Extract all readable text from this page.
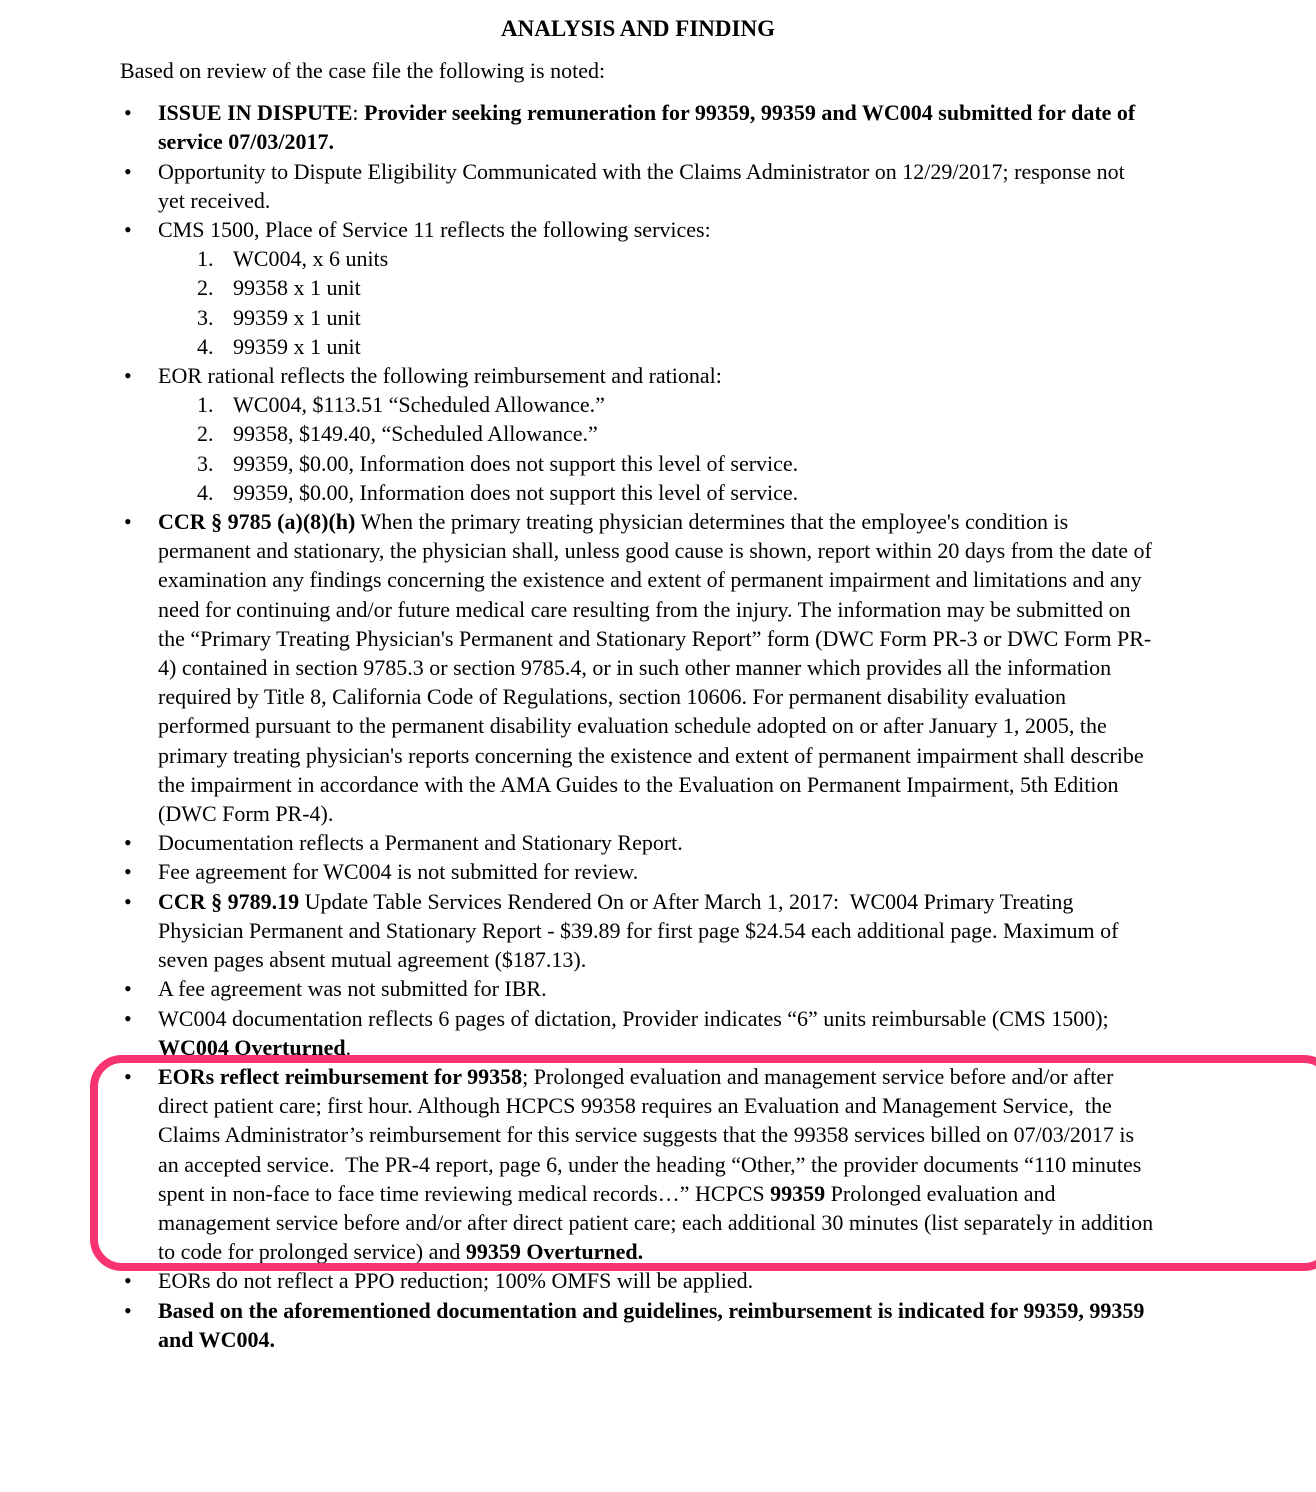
ANALYSIS AND FINDING

Based on review of the case file the following is noted:

•	ISSUE IN DISPUTE: Provider seeking remuneration for 99359, 99359 and WC004 submitted for date of service 07/03/2017.
•	Opportunity to Dispute Eligibility Communicated with the Claims Administrator on 12/29/2017; response not yet received.
•	CMS 1500, Place of Service 11 reflects the following services:
1. WC004, x 6 units
2. 99358 x 1 unit
3. 99359 x 1 unit
4. 99359 x 1 unit
•	EOR rational reflects the following reimbursement and rational:
1. WC004, $113.51 “Scheduled Allowance.”
2. 99358, $149.40, “Scheduled Allowance.”
3. 99359, $0.00, Information does not support this level of service.
4. 99359, $0.00, Information does not support this level of service.
•	CCR § 9785 (a)(8)(h) When the primary treating physician determines that the employee's condition is permanent and stationary, the physician shall, unless good cause is shown, report within 20 days from the date of examination any findings concerning the existence and extent of permanent impairment and limitations and any need for continuing and/or future medical care resulting from the injury. The information may be submitted on the “Primary Treating Physician's Permanent and Stationary Report” form (DWC Form PR-3 or DWC Form PR-4) contained in section 9785.3 or section 9785.4, or in such other manner which provides all the information required by Title 8, California Code of Regulations, section 10606. For permanent disability evaluation performed pursuant to the permanent disability evaluation schedule adopted on or after January 1, 2005, the primary treating physician's reports concerning the existence and extent of permanent impairment shall describe the impairment in accordance with the AMA Guides to the Evaluation on Permanent Impairment, 5th Edition (DWC Form PR-4).
•	Documentation reflects a Permanent and Stationary Report.
•	Fee agreement for WC004 is not submitted for review.
•	CCR § 9789.19 Update Table Services Rendered On or After March 1, 2017:  WC004 Primary Treating Physician Permanent and Stationary Report - $39.89 for first page $24.54 each additional page. Maximum of seven pages absent mutual agreement ($187.13).
•	A fee agreement was not submitted for IBR.
•	WC004 documentation reflects 6 pages of dictation, Provider indicates “6” units reimbursable (CMS 1500); WC004 Overturned.
•	EORs reflect reimbursement for 99358; Prolonged evaluation and management service before and/or after direct patient care; first hour. Although HCPCS 99358 requires an Evaluation and Management Service,  the Claims Administrator’s reimbursement for this service suggests that the 99358 services billed on 07/03/2017 is an accepted service.  The PR-4 report, page 6, under the heading “Other,” the provider documents “110 minutes spent in non-face to face time reviewing medical records…” HCPCS 99359 Prolonged evaluation and management service before and/or after direct patient care; each additional 30 minutes (list separately in addition to code for prolonged service) and 99359 Overturned.
•	EORs do not reflect a PPO reduction; 100% OMFS will be applied.
•	Based on the aforementioned documentation and guidelines, reimbursement is indicated for 99359, 99359 and WC004.
